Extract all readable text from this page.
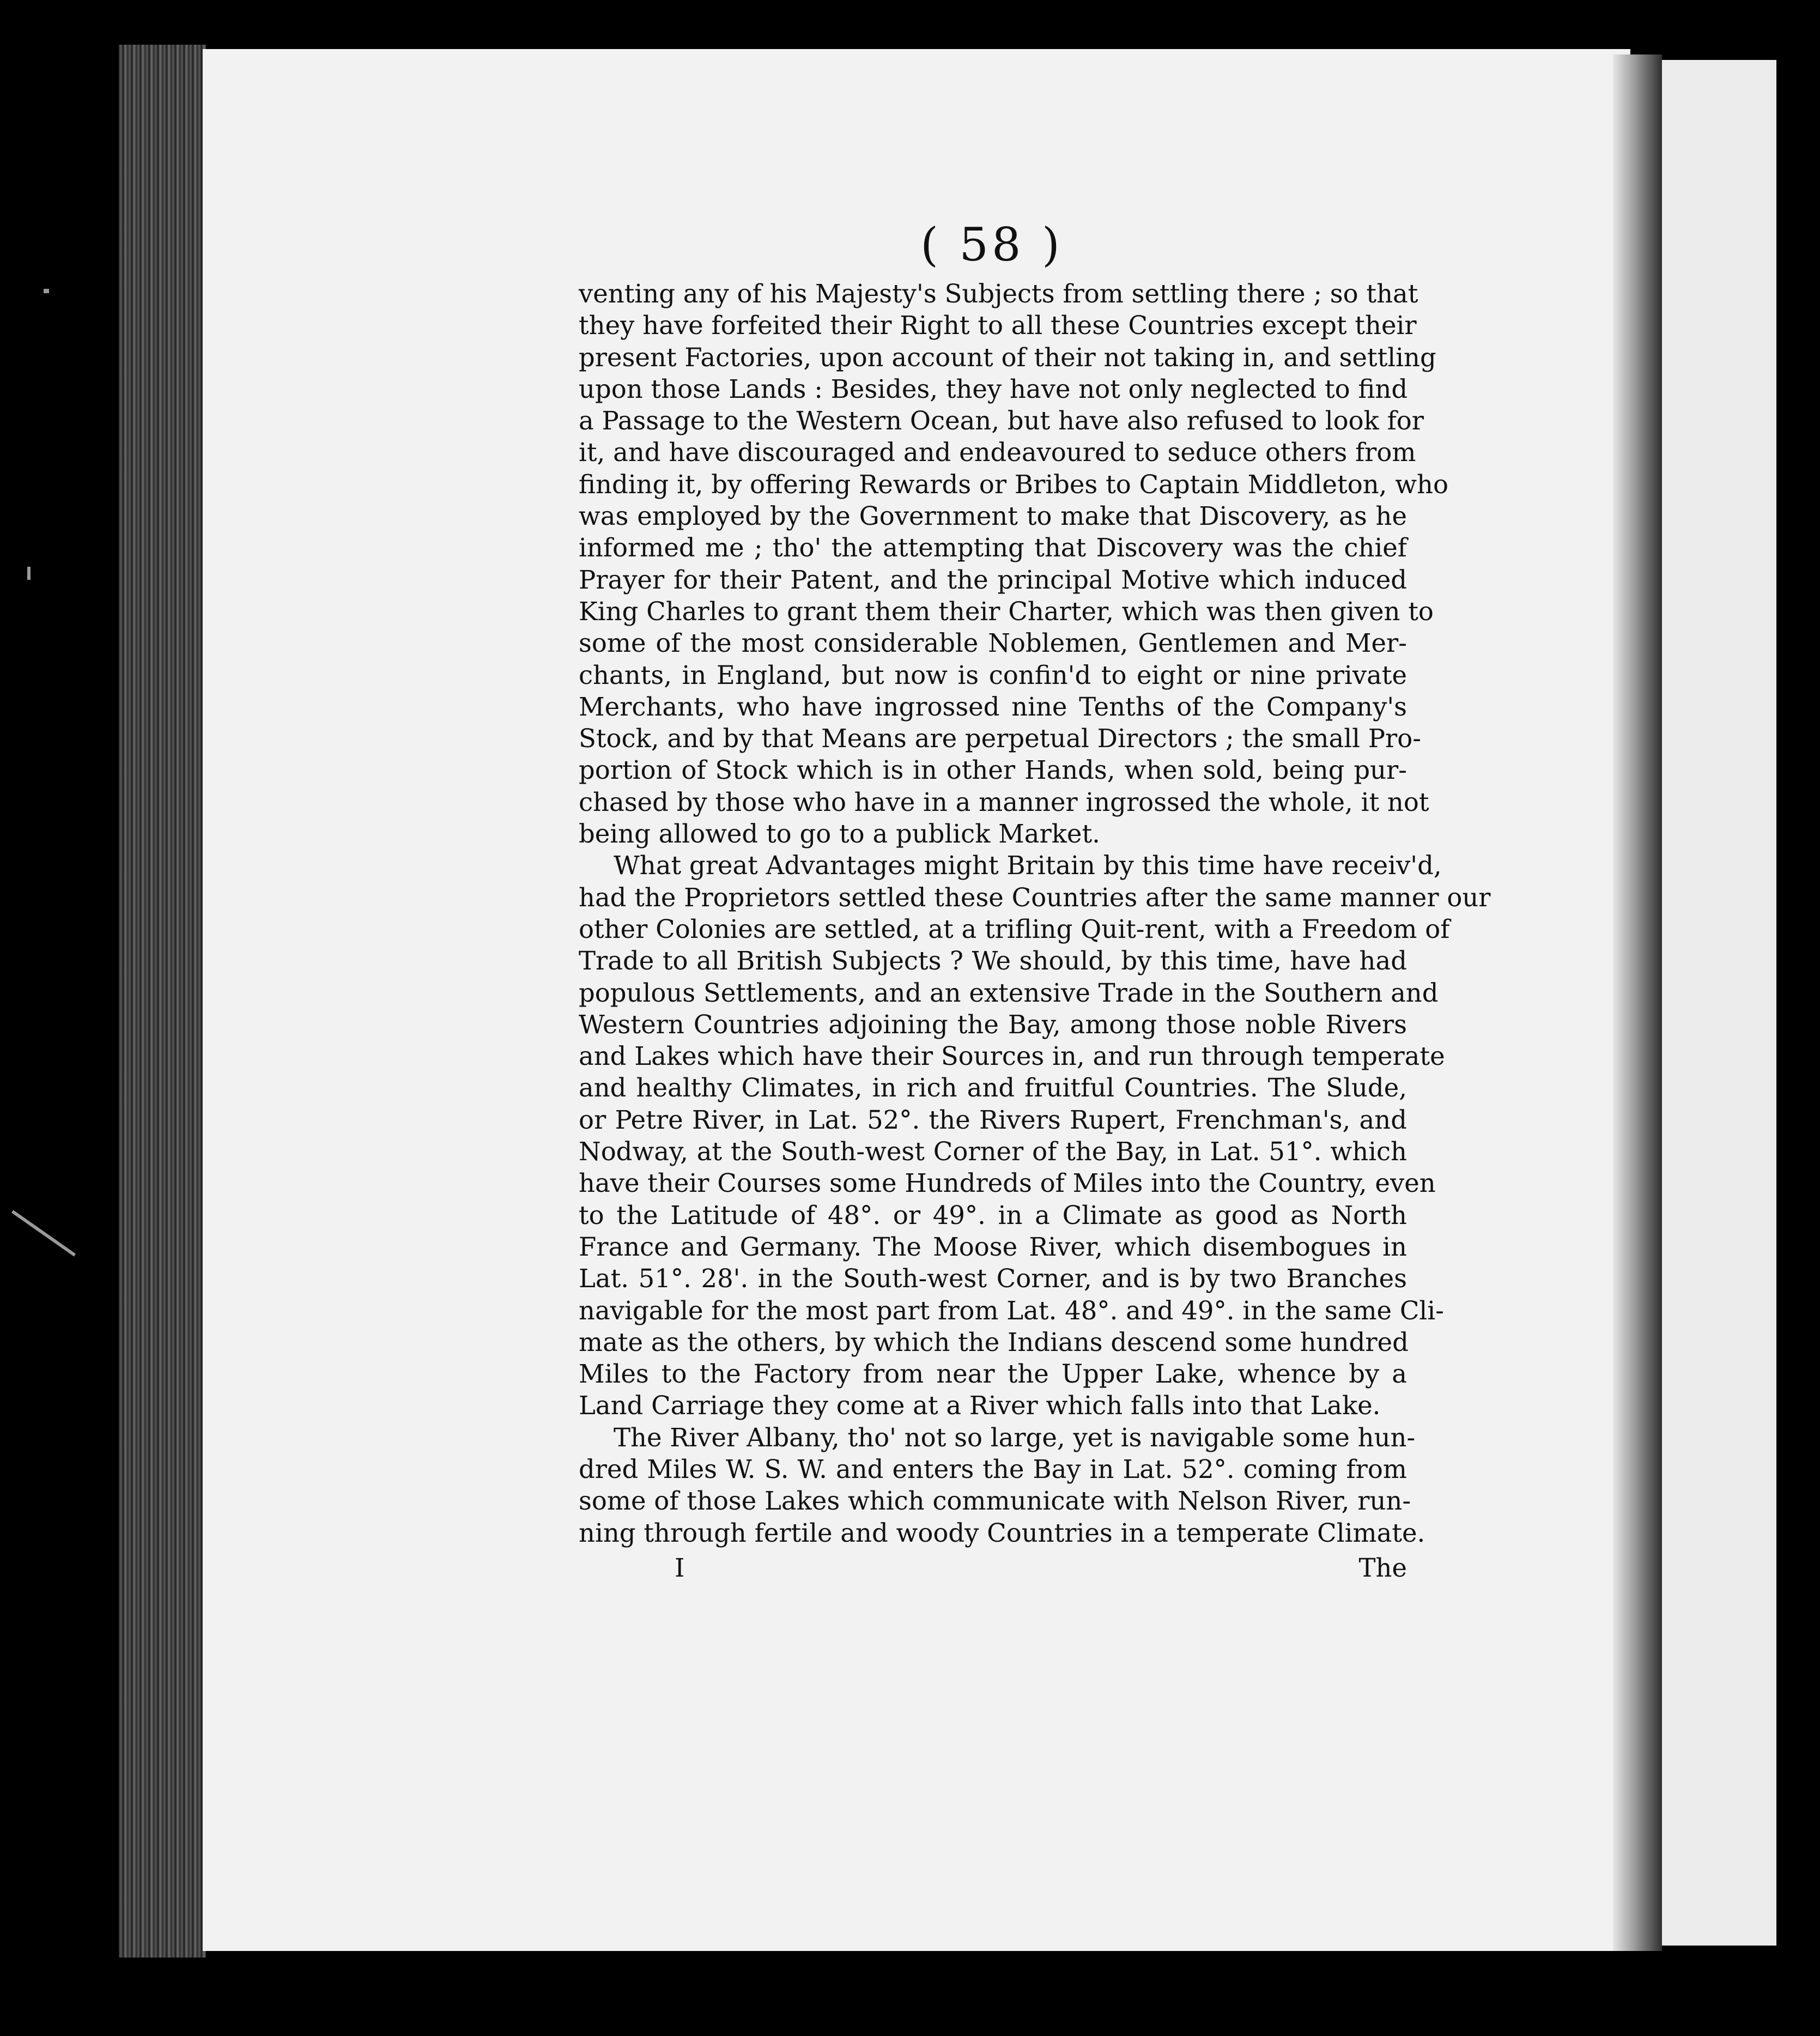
( 58 )
venting any of his Majesty's Subjects from settling there ; so that
they have forfeited their Right to all these Countries except their
present Factories, upon account of their not taking in, and settling
upon those Lands : Besides, they have not only neglected to find
a Passage to the Western Ocean, but have also refused to look for
it, and have discouraged and endeavoured to seduce others from
finding it, by offering Rewards or Bribes to Captain Middleton, who
was employed by the Government to make that Discovery, as he
informed me ; tho' the attempting that Discovery was the chief
Prayer for their Patent, and the principal Motive which induced
King Charles to grant them their Charter, which was then given to
some of the most considerable Noblemen, Gentlemen and Mer-
chants, in England, but now is confin'd to eight or nine private
Merchants, who have ingrossed nine Tenths of the Company's
Stock, and by that Means are perpetual Directors ; the small Pro-
portion of Stock which is in other Hands, when sold, being pur-
chased by those who have in a manner ingrossed the whole, it not
being allowed to go to a publick Market.
What great Advantages might Britain by this time have receiv'd,
had the Proprietors settled these Countries after the same manner our
other Colonies are settled, at a trifling Quit-rent, with a Freedom of
Trade to all British Subjects ? We should, by this time, have had
populous Settlements, and an extensive Trade in the Southern and
Western Countries adjoining the Bay, among those noble Rivers
and Lakes which have their Sources in, and run through temperate
and healthy Climates, in rich and fruitful Countries. The Slude,
or Petre River, in Lat. 52°. the Rivers Rupert, Frenchman's, and
Nodway, at the South-west Corner of the Bay, in Lat. 51°. which
have their Courses some Hundreds of Miles into the Country, even
to the Latitude of 48°. or 49°. in a Climate as good as North
France and Germany. The Moose River, which disembogues in
Lat. 51°. 28'. in the South-west Corner, and is by two Branches
navigable for the most part from Lat. 48°. and 49°. in the same Cli-
mate as the others, by which the Indians descend some hundred
Miles to the Factory from near the Upper Lake, whence by a
Land Carriage they come at a River which falls into that Lake.
The River Albany, tho' not so large, yet is navigable some hun-
dred Miles W. S. W. and enters the Bay in Lat. 52°. coming from
some of those Lakes which communicate with Nelson River, run-
ning through fertile and woody Countries in a temperate Climate.
I	The
